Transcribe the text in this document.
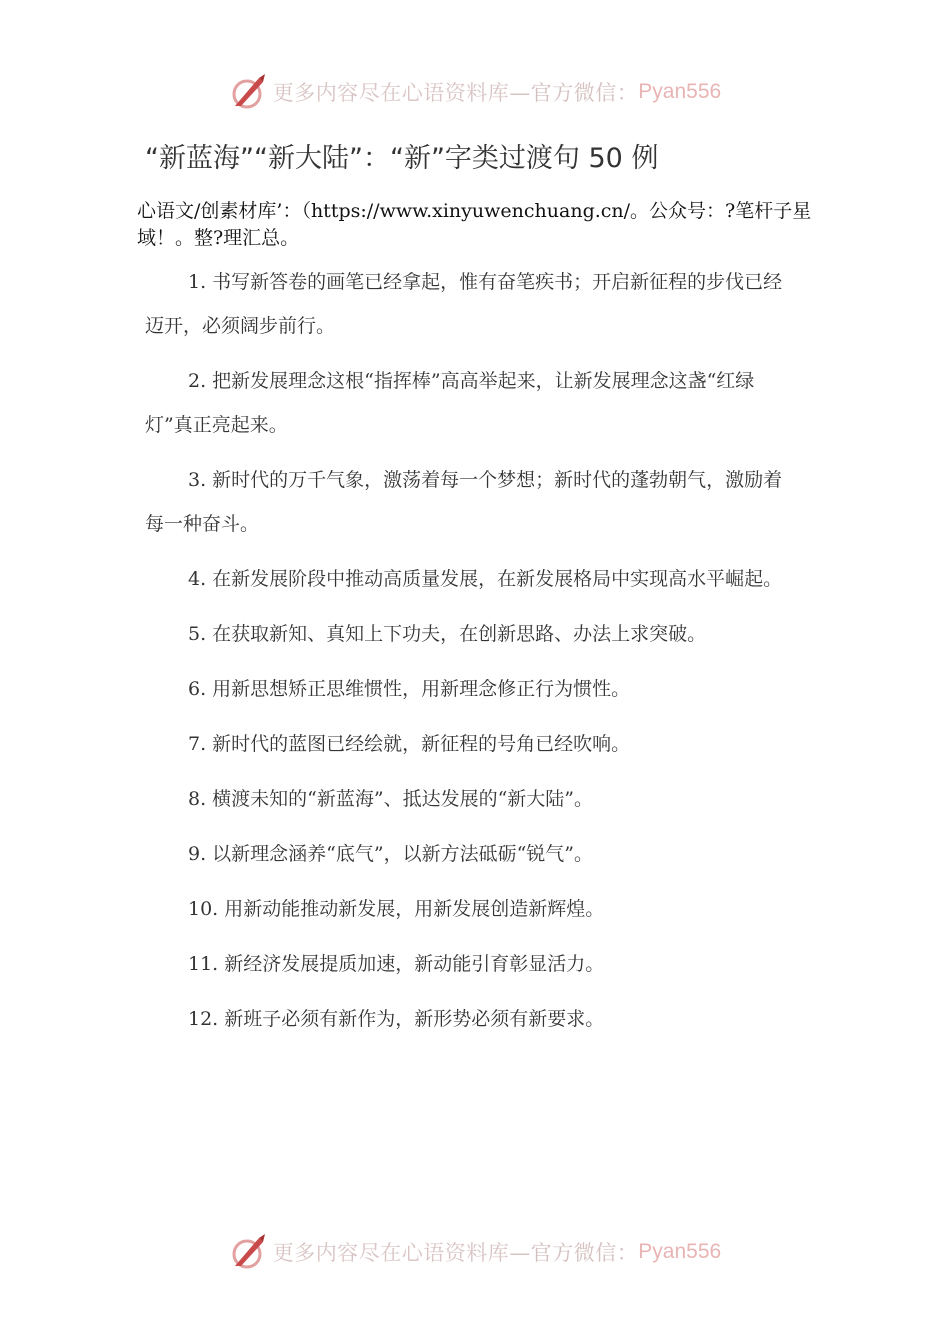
更多内容尽在心语资料库— 官方微信： Pyan556
“新蓝海”“新大陆”：“新”字类过渡句 50 例
心语文/创素材库’：（https://www.xinyuwenchuang.cn/。公众号：?笔杆子星域！。整?理汇总。

1. 书写新答卷的画笔已经拿起，惟有奋笔疾书；开启新征程的步伐已经迈开，必须阔步前行。

2. 把新发展理念这根“指挥棒”高高举起来，让新发展理念这盏“红绿灯”真正亮起来。

3. 新时代的万千气象，激荡着每一个梦想；新时代的蓬勃朝气，激励着每一种奋斗。

4. 在新发展阶段中推动高质量发展，在新发展格局中实现高水平崛起。

5. 在获取新知、真知上下功夫，在创新思路、办法上求突破。

6. 用新思想矫正思维惯性，用新理念修正行为惯性。

7. 新时代的蓝图已经绘就，新征程的号角已经吹响。

8. 横渡未知的“新蓝海”、抵达发展的“新大陆”。

9. 以新理念涵养“底气”，以新方法砥砺“锐气”。

10. 用新动能推动新发展，用新发展创造新辉煌。

11. 新经济发展提质加速，新动能引育彰显活力。

12. 新班子必须有新作为，新形势必须有新要求。

更多内容尽在心语资料库— 官方微信： Pyan556
